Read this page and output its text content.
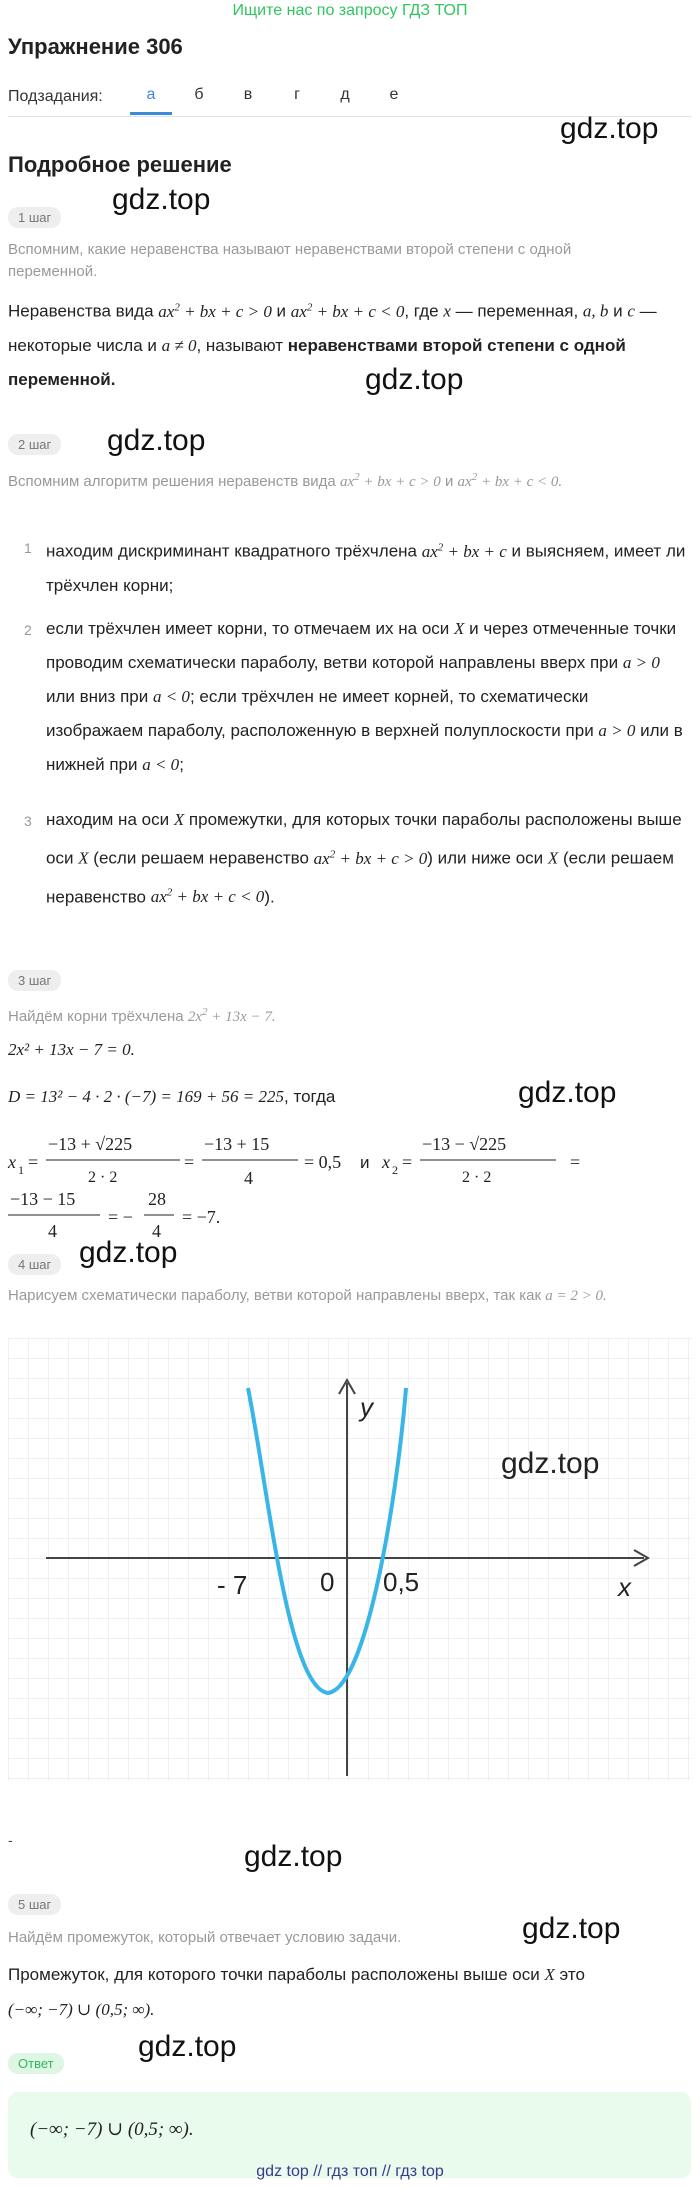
Ищите нас по запросу ГДЗ ТОП
Упражнение 306
Подзадания:	а	б	в	г	д	е
gdz.top
Подробное решение
1 шаг
gdz.top
Вспомним, какие неравенства называют неравенствами второй степени с одной переменной.
Неравенства вида $ax^2$ + bx + c > 0 и $ax^2$ + bx + c < 0, где x — переменная, a, b и c — некоторые числа и a ≠ 0, называют неравенствами второй степени с одной переменной.	gdz.top
2 шаг	gdz.top
Вспомним алгоритм решения неравенств вида $ax^2$ + bx + c > 0 и $ax^2$ + bx + c < 0.
1 находим дискриминант квадратного трёхчлена $ax^2$ + bx + c и выясняем, имеет ли трёхчлен корни;
2 если трёхчлен имеет корни, то отмечаем их на оси X и через отмеченные точки проводим схематически параболу, ветви которой направлены вверх при a > 0 или вниз при a < 0; если трёхчлен не имеет корней, то схематически изображаем параболу, расположенную в верхней полуплоскости при a > 0 или в нижней при a < 0;
3 находим на оси X промежутки, для которых точки параболы расположены выше оси X (если решаем неравенство $ax^2$ + bx + c > 0) или ниже оси X (если решаем неравенство $ax^2$ + bx + c < 0).
3 шаг
Найдём корни трёхчлена $2x^2 + 13x - 7$.
2x² + 13x − 7 = 0.
D = 13² − 4 · 2 · (−7) = 169 + 56 = 225, тогда	gdz.top
x 1 =
−13 + √225
2 · 2
=
−13 + 15
4
= 0,5 и x 2 =
−13 − √225
2 · 2
=
−13 − 15
4
= −
28
4
= −7.
4 шаг gdz.top
Нарисуем схематически параболу, ветви которой направлены вверх, так как a = 2 > 0.
y
x
0
- 7	0,5
gdz.top
-	gdz.top
5 шаг
gdz.top
Найдём промежуток, который отвечает условию задачи.
Промежуток, для которого точки параболы расположены выше оси X это
(−∞; −7) ∪ (0,5; ∞).
Ответ
gdz.top
(−∞; −7) ∪ (0,5; ∞).
gdz top // гдз топ // гдз top
